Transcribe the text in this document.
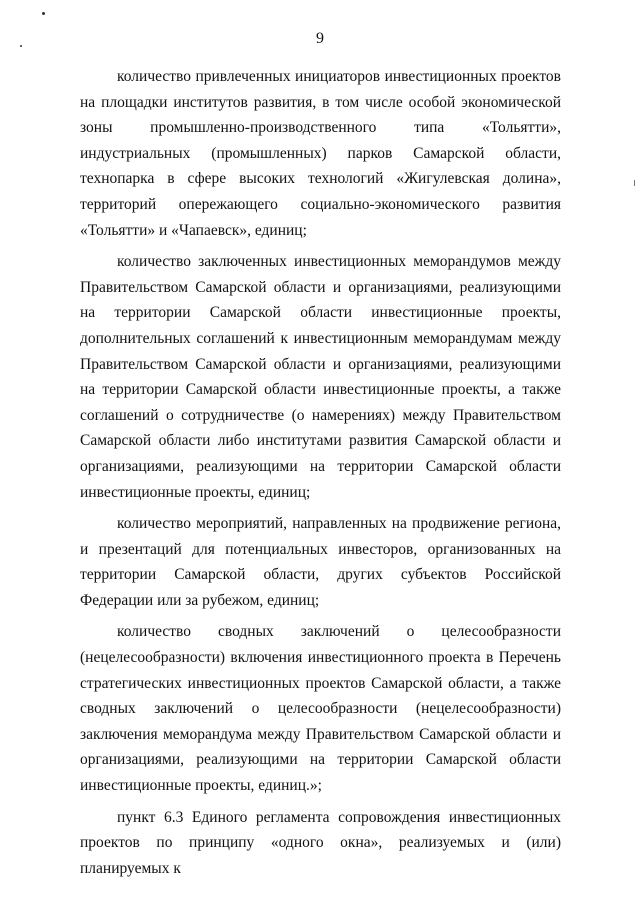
9

количество привлеченных инициаторов инвестиционных проектов на площадки институтов развития, в том числе особой экономической зоны промышленно-производственного типа «Тольятти», индустриальных (промышленных) парков Самарской области, технопарка в сфере высоких технологий «Жигулевская долина», территорий опережающего социально-экономического развития «Тольятти» и «Чапаевск», единиц;

количество заключенных инвестиционных меморандумов между Правительством Самарской области и организациями, реализующими на территории Самарской области инвестиционные проекты, дополнительных соглашений к инвестиционным меморандумам между Правительством Самарской области и организациями, реализующими на территории Самарской области инвестиционные проекты, а также соглашений о сотрудничестве (о намерениях) между Правительством Самарской области либо институтами развития Самарской области и организациями, реализующими на территории Самарской области инвестиционные проекты, единиц;

количество мероприятий, направленных на продвижение региона, и презентаций для потенциальных инвесторов, организованных на территории Самарской области, других субъектов Российской Федерации или за рубежом, единиц;

количество сводных заключений о целесообразности (нецелесообразности) включения инвестиционного проекта в Перечень стратегических инвестиционных проектов Самарской области, а также сводных заключений о целесообразности (нецелесообразности) заключения меморандума между Правительством Самарской области и организациями, реализующими на территории Самарской области инвестиционные проекты, единиц.»;

пункт 6.3 Единого регламента сопровождения инвестиционных проектов по принципу «одного окна», реализуемых и (или) планируемых к
